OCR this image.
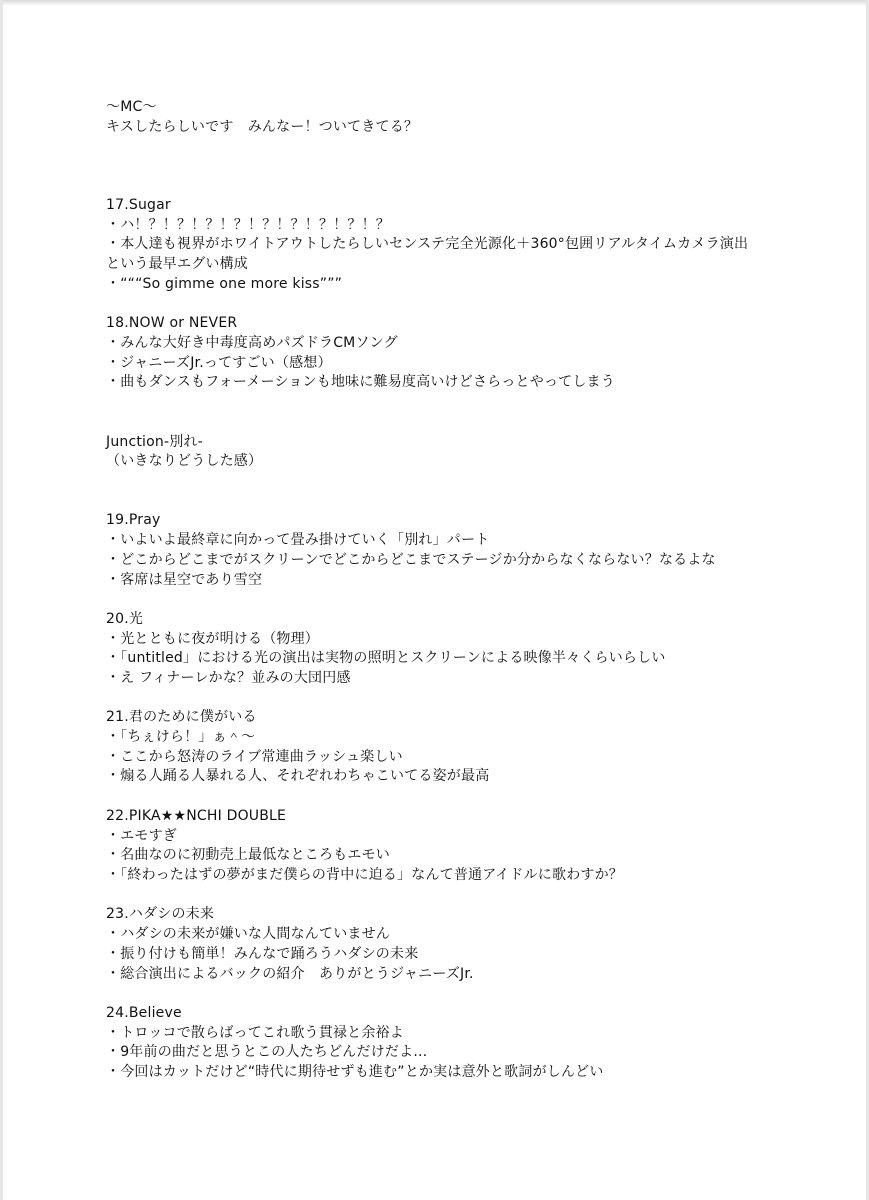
〜MC〜
キスしたらしいです　みんなー！ついてきてる？
17.Sugar
・ハ！？！？！？！？！？！？！？！？！？
・本人達も視界がホワイトアウトしたらしいセンステ完全光源化＋360°包囲リアルタイムカメラ演出
という最早エグい構成
・“““So gimme one more kiss”””
18.NOW or NEVER
・みんな大好き中毒度高めパズドラCMソング
・ジャニーズJr.ってすごい（感想）
・曲もダンスもフォーメーションも地味に難易度高いけどさらっとやってしまう
Junction-別れ-
（いきなりどうした感）
19.Pray
・いよいよ最終章に向かって畳み掛けていく「別れ」パート
・どこからどこまでがスクリーンでどこからどこまでステージか分からなくならない？なるよな
・客席は星空であり雪空
20.光
・光とともに夜が明ける（物理）
・「untitled」における光の演出は実物の照明とスクリーンによる映像半々くらいらしい
・え フィナーレかな？並みの大団円感
21.君のために僕がいる
・「ちぇけら！」ぁ＾〜
・ここから怒涛のライブ常連曲ラッシュ楽しい
・煽る人踊る人暴れる人、それぞれわちゃこいてる姿が最高
22.PIKA★★NCHI DOUBLE
・エモすぎ
・名曲なのに初動売上最低なところもエモい
・「終わったはずの夢がまだ僕らの背中に迫る」なんて普通アイドルに歌わすか？
23.ハダシの未来
・ハダシの未来が嫌いな人間なんていません
・振り付けも簡単！みんなで踊ろうハダシの未来
・総合演出によるバックの紹介　ありがとうジャニーズJr.
24.Believe
・トロッコで散らばってこれ歌う貫禄と余裕よ
・9年前の曲だと思うとこの人たちどんだけだよ…
・今回はカットだけど“時代に期待せずも進む”とか実は意外と歌詞がしんどい
